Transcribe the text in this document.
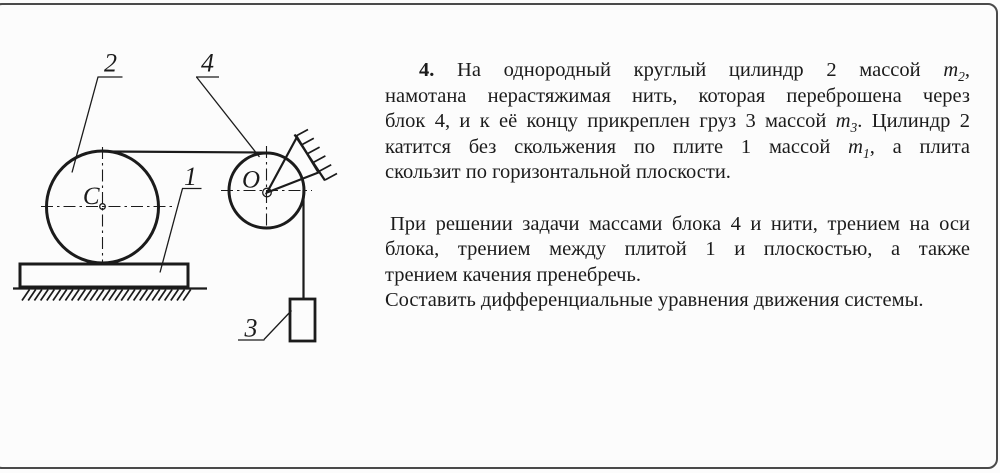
2	4
1
3
C
O
4. На однородный круглый цилиндр 2 массой $m_2$,
намотана нерастяжимая нить, которая переброшена через
блок 4, и к её концу прикреплен груз 3 массой $m_3$. Цилиндр 2
катится без скольжения по плите 1 массой $m_1$, а плита
скользит по горизонтальной плоскости.
При решении задачи массами блока 4 и нити, трением на оси
блока, трением между плитой 1 и плоскостью, а также
трением качения пренебречь.
Составить дифференциальные уравнения движения системы.
